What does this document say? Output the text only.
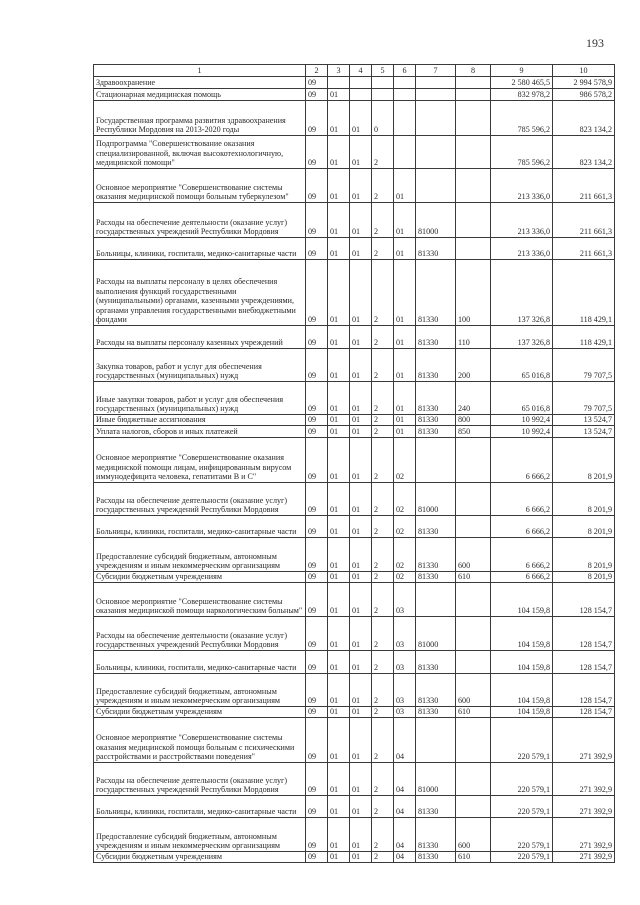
193
1	2	3	4	5	6	7	8	9	10
Здравоохранение	09							2 580 465,5	2 994 578,9
Стационарная медицинская помощь	09	01						832 978,2	986 578,2
Государственная программа развития здравоохранения Республики Мордовия на 2013-2020 годы	09	01	01	0				785 596,2	823 134,2
Подпрограмма "Совершенствование оказания специализированной, включая высокотехнологичную, медицинской помощи"	09	01	01	2				785 596,2	823 134,2
Основное мероприятие "Совершенствование системы оказания медицинской помощи больным туберкулезом"	09	01	01	2	01			213 336,0	211 661,3
Расходы на обеспечение деятельности (оказание услуг) государственных учреждений Республики Мордовия	09	01	01	2	01	81000		213 336,0	211 661,3
Больницы, клиники, госпитали, медико-санитарные части	09	01	01	2	01	81330		213 336,0	211 661,3
Расходы на выплаты персоналу в целях обеспечения выполнения функций государственными (муниципальными) органами, казенными учреждениями, органами управления государственными внебюджетными фондами	09	01	01	2	01	81330	100	137 326,8	118 429,1
Расходы на выплаты персоналу казенных учреждений	09	01	01	2	01	81330	110	137 326,8	118 429,1
Закупка товаров, работ и услуг для обеспечения государственных (муниципальных) нужд	09	01	01	2	01	81330	200	65 016,8	79 707,5
Иные закупки товаров, работ и услуг для обеспечения государственных (муниципальных) нужд	09	01	01	2	01	81330	240	65 016,8	79 707,5
Иные бюджетные ассигнования	09	01	01	2	01	81330	800	10 992,4	13 524,7
Уплата налогов, сборов и иных платежей	09	01	01	2	01	81330	850	10 992,4	13 524,7
Основное мероприятие "Совершенствование оказания медицинской помощи лицам, инфицированным вирусом иммунодефицита человека, гепатитами В и С"	09	01	01	2	02			6 666,2	8 201,9
Расходы на обеспечение деятельности (оказание услуг) государственных учреждений Республики Мордовия	09	01	01	2	02	81000		6 666,2	8 201,9
Больницы, клиники, госпитали, медико-санитарные части	09	01	01	2	02	81330		6 666,2	8 201,9
Предоставление субсидий бюджетным, автономным учреждениям и иным некоммерческим организациям	09	01	01	2	02	81330	600	6 666,2	8 201,9
Субсидии бюджетным учреждениям	09	01	01	2	02	81330	610	6 666,2	8 201,9
Основное мероприятие "Совершенствование системы оказания медицинской помощи наркологическим больным"	09	01	01	2	03			104 159,8	128 154,7
Расходы на обеспечение деятельности (оказание услуг) государственных учреждений Республики Мордовия	09	01	01	2	03	81000		104 159,8	128 154,7
Больницы, клиники, госпитали, медико-санитарные части	09	01	01	2	03	81330		104 159,8	128 154,7
Предоставление субсидий бюджетным, автономным учреждениям и иным некоммерческим организациям	09	01	01	2	03	81330	600	104 159,8	128 154,7
Субсидии бюджетным учреждениям	09	01	01	2	03	81330	610	104 159,8	128 154,7
Основное мероприятие "Совершенствование системы оказания медицинской помощи больным с психическими расстройствами и расстройствами поведения"	09	01	01	2	04			220 579,1	271 392,9
Расходы на обеспечение деятельности (оказание услуг) государственных учреждений Республики Мордовия	09	01	01	2	04	81000		220 579,1	271 392,9
Больницы, клиники, госпитали, медико-санитарные части	09	01	01	2	04	81330		220 579,1	271 392,9
Предоставление субсидий бюджетным, автономным учреждениям и иным некоммерческим организациям	09	01	01	2	04	81330	600	220 579,1	271 392,9
Субсидии бюджетным учреждениям	09	01	01	2	04	81330	610	220 579,1	271 392,9
